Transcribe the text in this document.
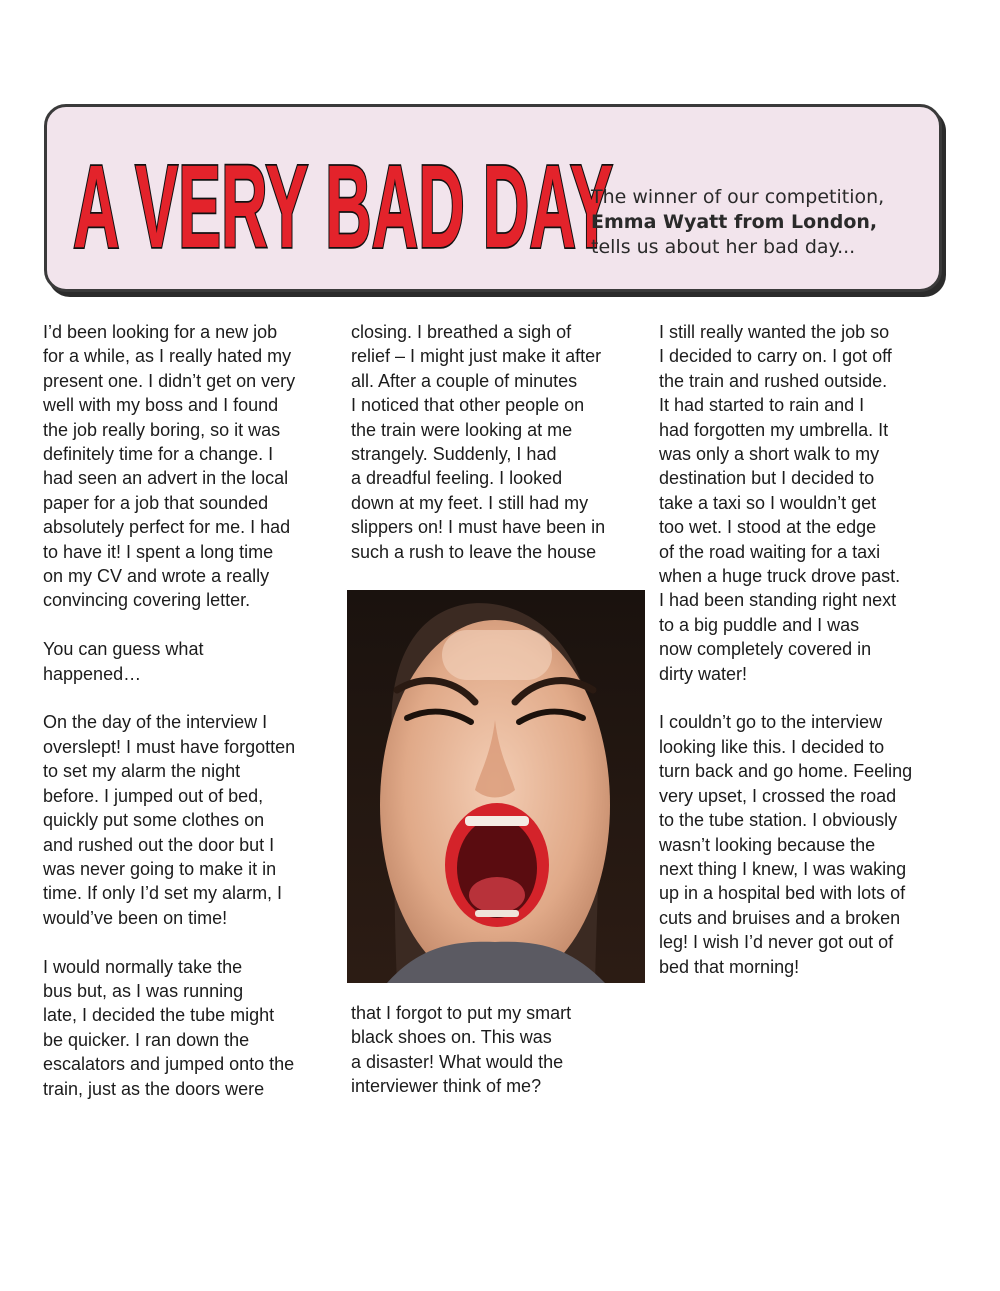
A VERY BAD DAY
The winner of our competition,
Emma Wyatt from London,
tells us about her bad day...

I’d been looking for a new job
for a while, as I really hated my
present one. I didn’t get on very
well with my boss and I found
the job really boring, so it was
definitely time for a change. I
had seen an advert in the local
paper for a job that sounded
absolutely perfect for me. I had
to have it! I spent a long time
on my CV and wrote a really
convincing covering letter.

You can guess what
happened…

On the day of the interview I
overslept! I must have forgotten
to set my alarm the night
before. I jumped out of bed,
quickly put some clothes on
and rushed out the door but I
was never going to make it in
time. If only I’d set my alarm, I
would’ve been on time!

I would normally take the
bus but, as I was running
late, I decided the tube might
be quicker. I ran down the
escalators and jumped onto the
train, just as the doors were

closing. I breathed a sigh of
relief – I might just make it after
all. After a couple of minutes
I noticed that other people on
the train were looking at me
strangely. Suddenly, I had
a dreadful feeling. I looked
down at my feet. I still had my
slippers on! I must have been in
such a rush to leave the house

that I forgot to put my smart
black shoes on. This was
a disaster! What would the
interviewer think of me?

I still really wanted the job so
I decided to carry on. I got off
the train and rushed outside.
It had started to rain and I
had forgotten my umbrella. It
was only a short walk to my
destination but I decided to
take a taxi so I wouldn’t get
too wet. I stood at the edge
of the road waiting for a taxi
when a huge truck drove past.
I had been standing right next
to a big puddle and I was
now completely covered in
dirty water!

I couldn’t go to the interview
looking like this. I decided to
turn back and go home. Feeling
very upset, I crossed the road
to the tube station. I obviously
wasn’t looking because the
next thing I knew, I was waking
up in a hospital bed with lots of
cuts and bruises and a broken
leg! I wish I’d never got out of
bed that morning!
